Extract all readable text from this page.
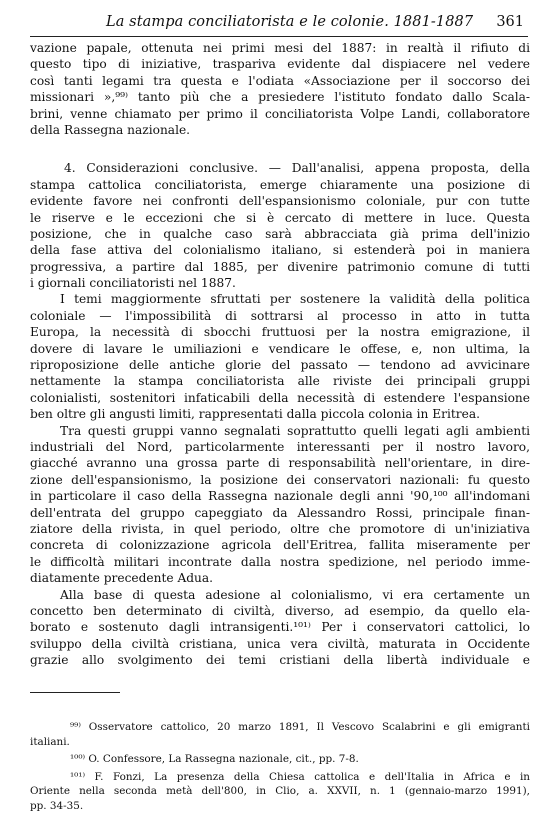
La stampa conciliatorista e le colonie. 1881-1887 361
vazione papale, ottenuta nei primi mesi del 1887: in realtà il rifiuto di
questo tipo di iniziative, traspariva evidente dal dispiacere nel vedere
così tanti legami tra questa e l'odiata «Associazione per il soccorso dei
missionari »,⁹⁹⁾ tanto più che a presiedere l'istituto fondato dallo Scala-
brini, venne chiamato per primo il conciliatorista Volpe Landi, collaboratore
della Rassegna nazionale.
4. Considerazioni conclusive. — Dall'analisi, appena proposta, della
stampa cattolica conciliatorista, emerge chiaramente una posizione di
evidente favore nei confronti dell'espansionismo coloniale, pur con tutte
le riserve e le eccezioni che si è cercato di mettere in luce. Questa
posizione, che in qualche caso sarà abbracciata già prima dell'inizio
della fase attiva del colonialismo italiano, si estenderà poi in maniera
progressiva, a partire dal 1885, per divenire patrimonio comune di tutti
i giornali conciliatoristi nel 1887.
I temi maggiormente sfruttati per sostenere la validità della politica
coloniale — l'impossibilità di sottrarsi al processo in atto in tutta
Europa, la necessità di sbocchi fruttuosi per la nostra emigrazione, il
dovere di lavare le umiliazioni e vendicare le offese, e, non ultima, la
riproposizione delle antiche glorie del passato — tendono ad avvicinare
nettamente la stampa conciliatorista alle riviste dei principali gruppi
colonialisti, sostenitori infaticabili della necessità di estendere l'espansione
ben oltre gli angusti limiti, rappresentati dalla piccola colonia in Eritrea.
Tra questi gruppi vanno segnalati soprattutto quelli legati agli ambienti
industriali del Nord, particolarmente interessanti per il nostro lavoro,
giacché avranno una grossa parte di responsabilità nell'orientare, in dire-
zione dell'espansionismo, la posizione dei conservatori nazionali: fu questo
in particolare il caso della Rassegna nazionale degli anni '90,¹⁰⁰ all'indomani
dell'entrata del gruppo capeggiato da Alessandro Rossi, principale finan-
ziatore della rivista, in quel periodo, oltre che promotore di un'iniziativa
concreta di colonizzazione agricola dell'Eritrea, fallita miseramente per
le difficoltà militari incontrate dalla nostra spedizione, nel periodo imme-
diatamente precedente Adua.
Alla base di questa adesione al colonialismo, vi era certamente un
concetto ben determinato di civiltà, diverso, ad esempio, da quello ela-
borato e sostenuto dagli intransigenti.¹⁰¹⁾ Per i conservatori cattolici, lo
sviluppo della civiltà cristiana, unica vera civiltà, maturata in Occidente
grazie allo svolgimento dei temi cristiani della libertà individuale e
⁹⁹⁾ Osservatore cattolico, 20 marzo 1891, Il Vescovo Scalabrini e gli emigranti
italiani.
¹⁰⁰⁾ O. Confessore, La Rassegna nazionale, cit., pp. 7-8.
¹⁰¹⁾ F. Fonzi, La presenza della Chiesa cattolica e dell'Italia in Africa e in
Oriente nella seconda metà dell'800, in Clio, a. XXVII, n. 1 (gennaio-marzo 1991),
pp. 34-35.
